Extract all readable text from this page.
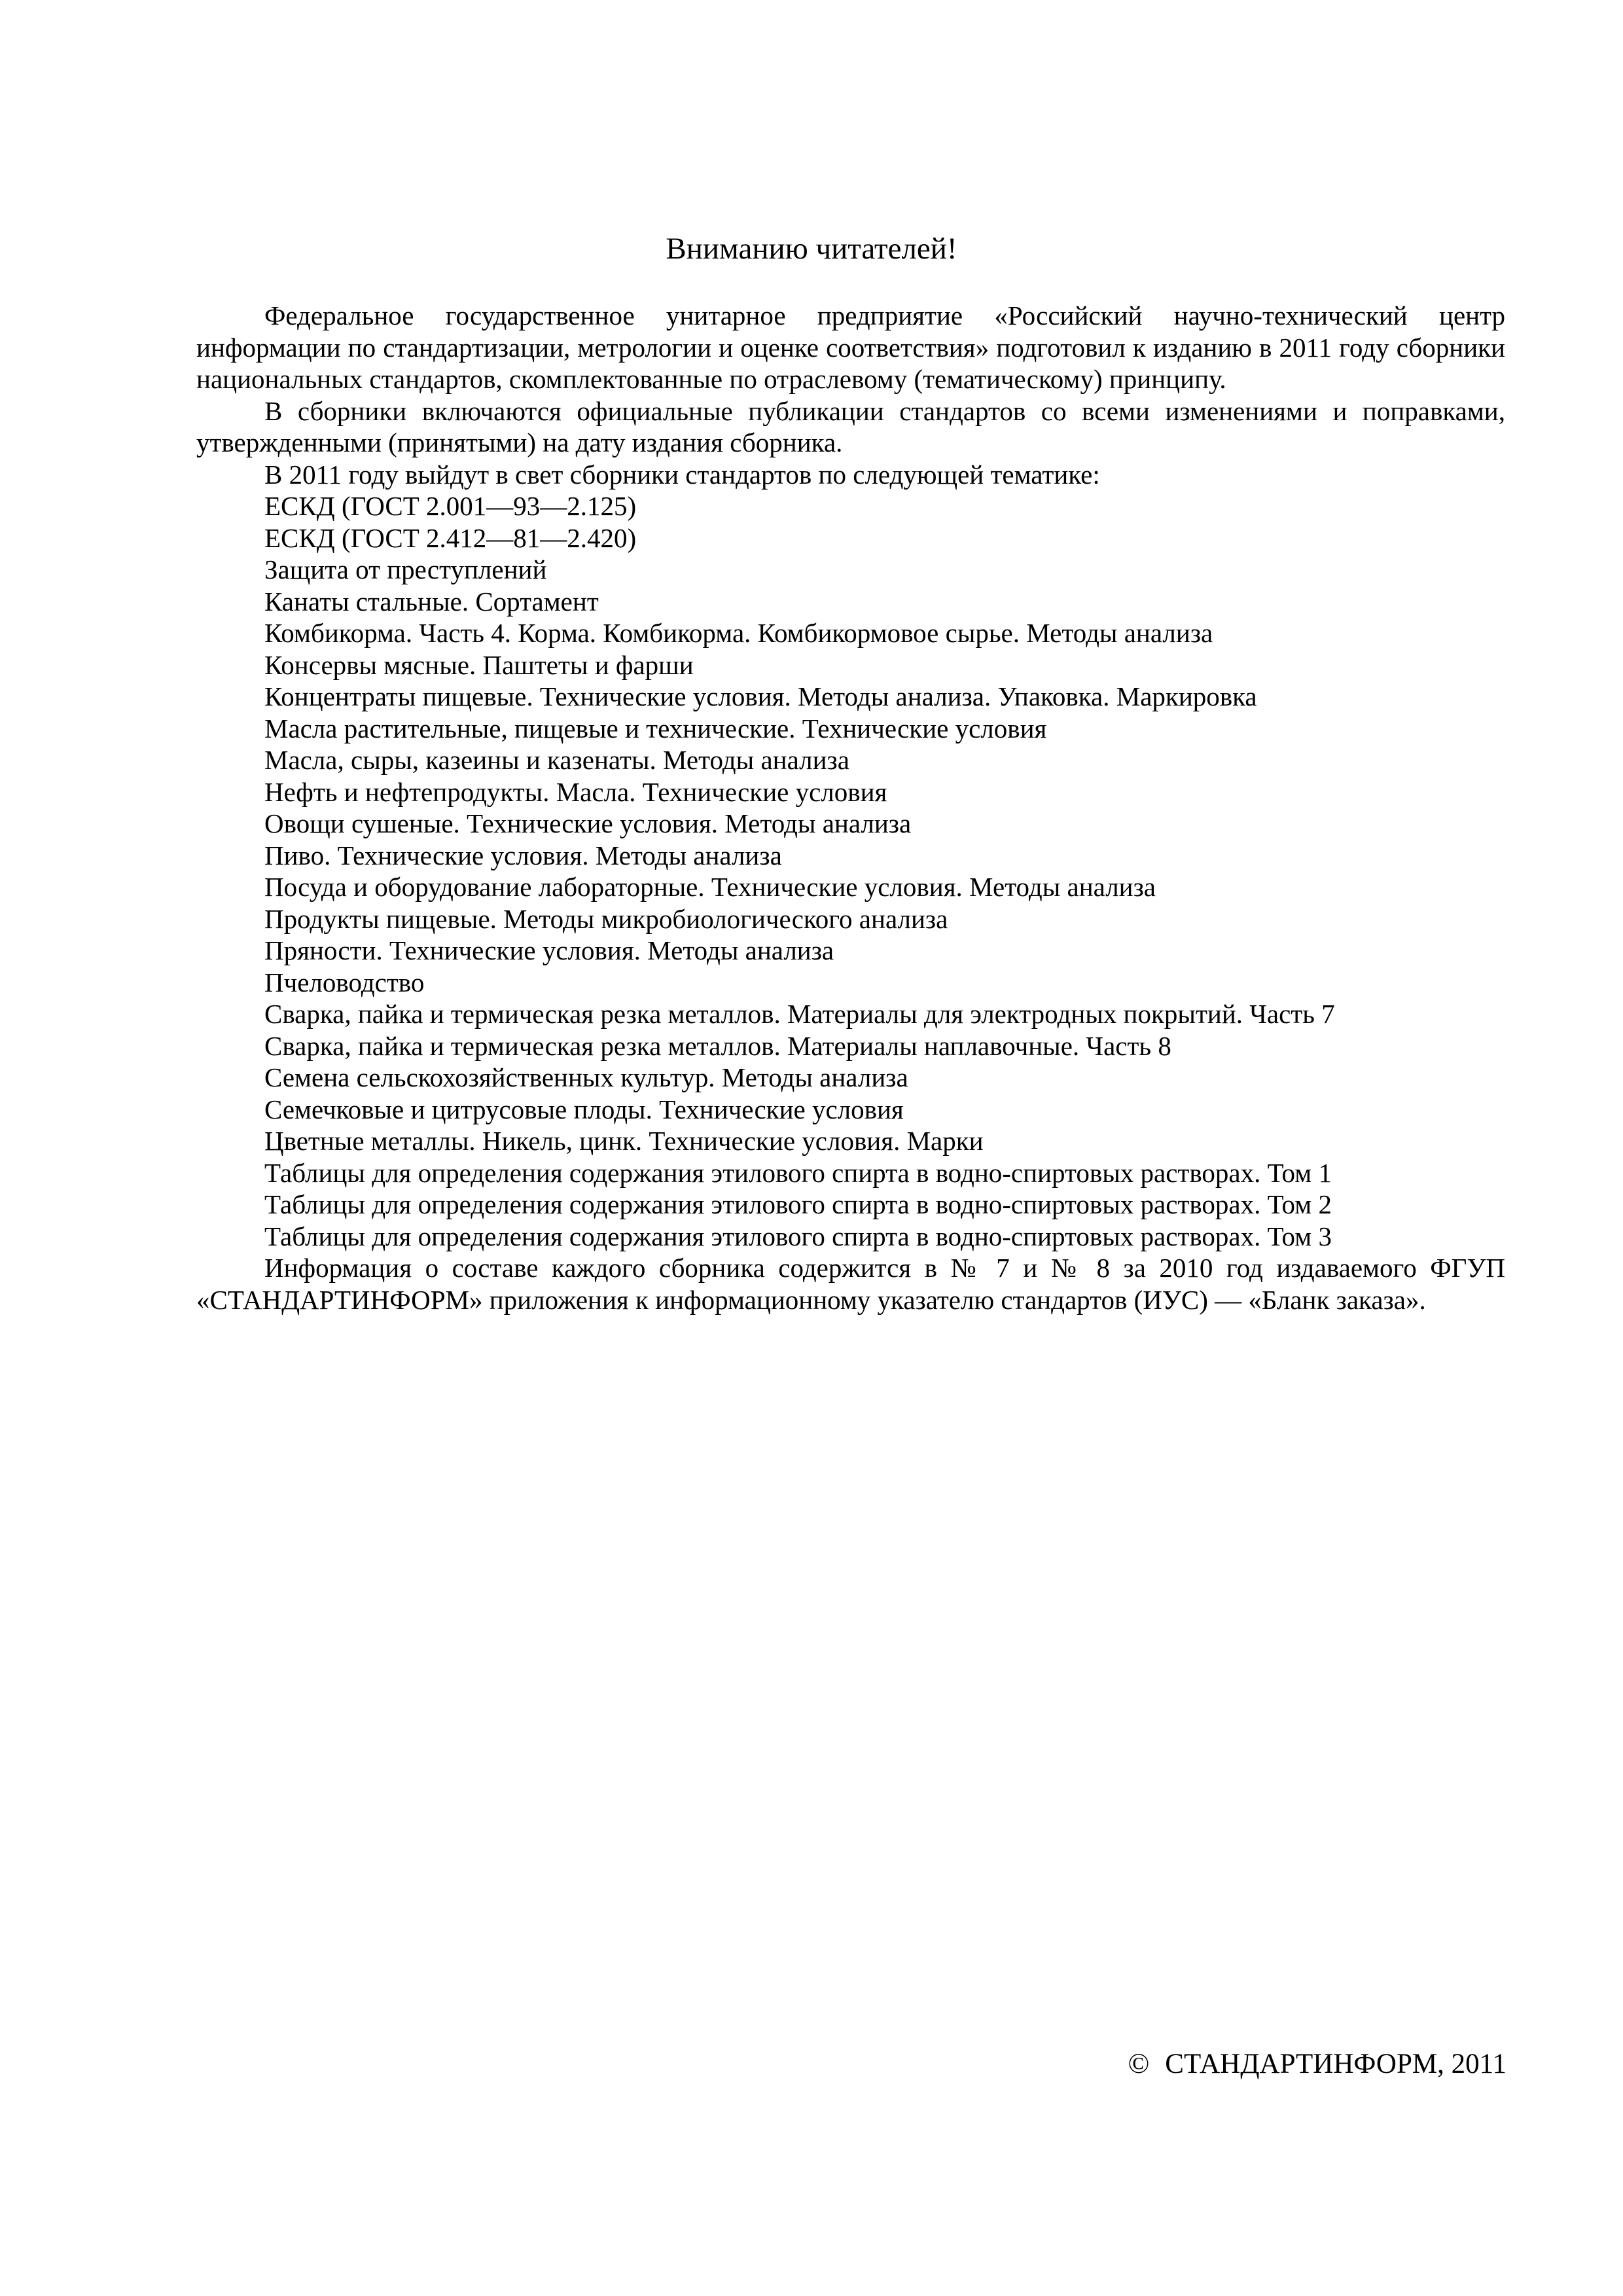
Вниманию читателей!

Федеральное государственное унитарное предприятие «Российский научно-технический центр информации по стандартизации, метрологии и оценке соответствия» подготовил к изданию в 2011 году сборники национальных стандартов, скомплектованные по отраслевому (тематическому) принципу.

В сборники включаются официальные публикации стандартов со всеми изменениями и поправками, утвержденными (принятыми) на дату издания сборника.

В 2011 году выйдут в свет сборники стандартов по следующей тематике:

ЕСКД (ГОСТ 2.001—93—2.125)
ЕСКД (ГОСТ 2.412—81—2.420)
Защита от преступлений
Канаты стальные. Сортамент
Комбикорма. Часть 4. Корма. Комбикорма. Комбикормовое сырье. Методы анализа
Консервы мясные. Паштеты и фарши
Концентраты пищевые. Технические условия. Методы анализа. Упаковка. Маркировка
Масла растительные, пищевые и технические. Технические условия
Масла, сыры, казеины и казенаты. Методы анализа
Нефть и нефтепродукты. Масла. Технические условия
Овощи сушеные. Технические условия. Методы анализа
Пиво. Технические условия. Методы анализа
Посуда и оборудование лабораторные. Технические условия. Методы анализа
Продукты пищевые. Методы микробиологического анализа
Пряности. Технические условия. Методы анализа
Пчеловодство
Сварка, пайка и термическая резка металлов. Материалы для электродных покрытий. Часть 7
Сварка, пайка и термическая резка металлов. Материалы наплавочные. Часть 8
Семена сельскохозяйственных культур. Методы анализа
Семечковые и цитрусовые плоды. Технические условия
Цветные металлы. Никель, цинк. Технические условия. Марки
Таблицы для определения содержания этилового спирта в водно-спиртовых растворах. Том 1
Таблицы для определения содержания этилового спирта в водно-спиртовых растворах. Том 2
Таблицы для определения содержания этилового спирта в водно-спиртовых растворах. Том 3

Информация о составе каждого сборника содержится в № 7 и № 8 за 2010 год издаваемого ФГУП «СТАНДАРТИНФОРМ» приложения к информационному указателю стандартов (ИУС) — «Бланк заказа».

© СТАНДАРТИНФОРМ, 2011
